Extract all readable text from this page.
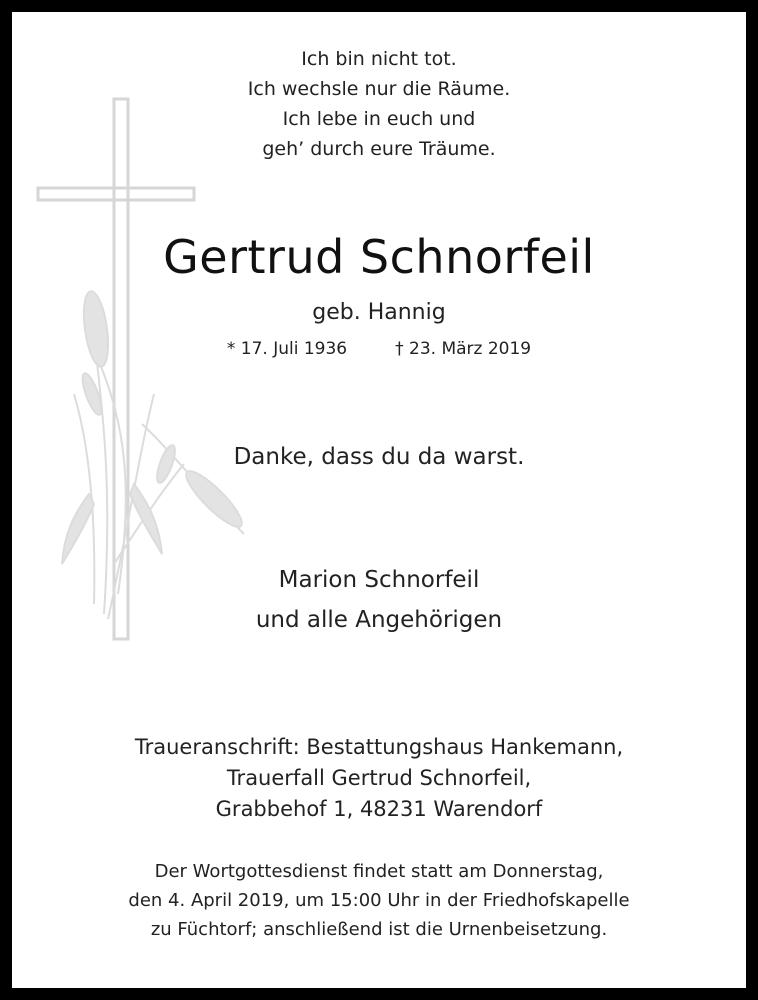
Ich bin nicht tot.
Ich wechsle nur die Räume.
Ich lebe in euch und
geh’ durch eure Träume.
Gertrud Schnorfeil
geb. Hannig
* 17. Juli 1936	† 23. März 2019
Danke, dass du da warst.
Marion Schnorfeil
und alle Angehörigen
Traueranschrift: Bestattungshaus Hankemann,
Trauerfall Gertrud Schnorfeil,
Grabbehof 1, 48231 Warendorf
Der Wortgottesdienst findet statt am Donnerstag,
den 4. April 2019, um 15:00 Uhr in der Friedhofskapelle
zu Füchtorf; anschließend ist die Urnenbeisetzung.
